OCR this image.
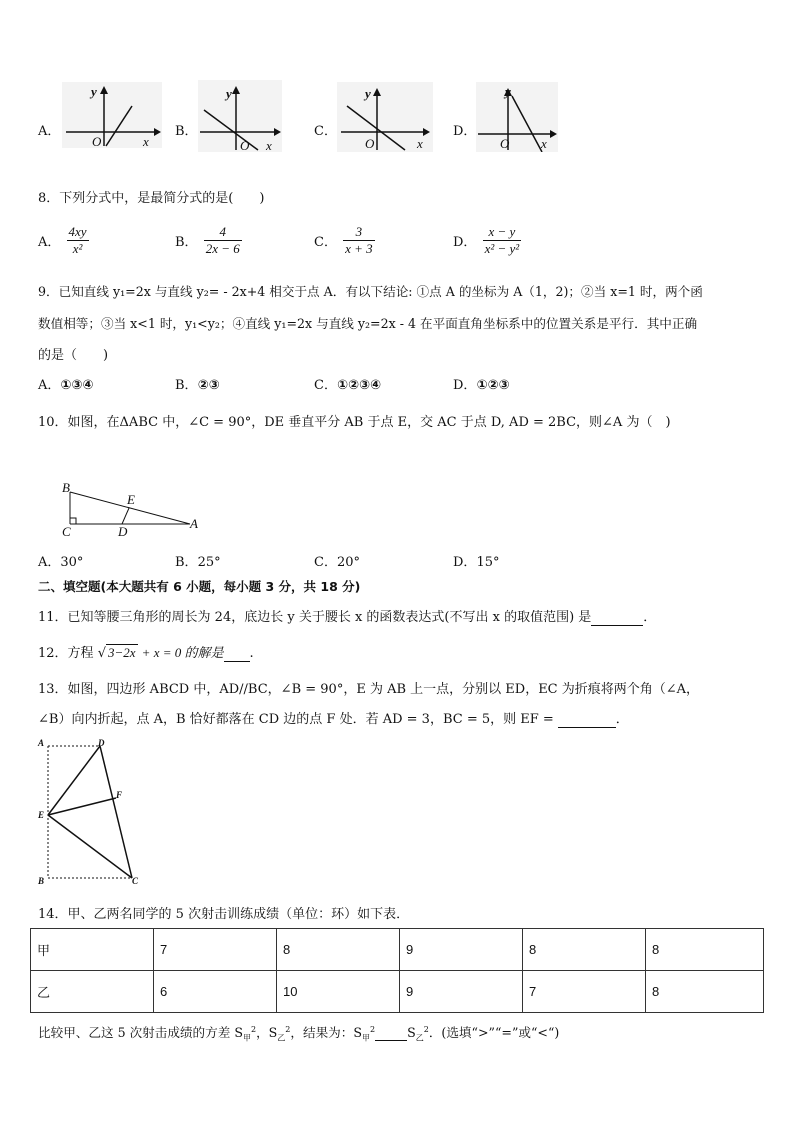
A．
y
x
O
B．
y
x
O
C．
y
x
O
D．
y
x
O
8．下列分式中，是最简分式的是(　　)
A． $\frac{4xy}{\text{x²}}$	B． $\frac{4}{2x - 6}$	C． $\frac{3}{x + 3}$	D． $\frac{x - y}{\text{x² − y²}}$
9．已知直线 y₁=2x 与直线 y₂= - 2x+4 相交于点 A．有以下结论: ①点 A 的坐标为 A（1，2)；②当 x=1 时，两个函
数值相等；③当 x<1 时，y₁<y₂；④直线 y₁=2x 与直线 y₂=2x - 4 在平面直角坐标系中的位置关系是平行．其中正确
的是（　　)
A．①③④	B．②③	C．①②③④	D．①②③
10．如图，在ΔABC 中，∠C = 90°，DE 垂直平分 AB 于点 E，交 AC 于点 D, AD = 2BC，则∠A 为（　)
B
E
C	D
A
A．30°	B．25°	C．20°	D．15°
二、填空题(本大题共有 6 小题，每小题 3 分，共 18 分)
11．已知等腰三角形的周长为 24，底边长 y 关于腰长 x 的函数表达式(不写出 x 的取值范围) 是	．
12．方程 √ 3−2x + x = 0 的解是 .
13．如图，四边形 ABCD 中，AD//BC，∠B = 90°，E 为 AB 上一点，分别以 ED，EC 为折痕将两个角（∠A，
∠B）向内折起，点 A，B 恰好都落在 CD 边的点 F 处．若 AD = 3，BC = 5，则 EF =	．
A	D
F
E
B	C
14．甲、乙两名同学的 5 次射击训练成绩（单位：环）如下表．
甲	7	8	9	8	8
乙	6	10	9	7	8
比较甲、乙这 5 次射击成绩的方差 $S_甲^2$，$S_乙^2$，结果为：$S_甲^2$	$S_乙^2$．(选填“>”“=”或“<“)
